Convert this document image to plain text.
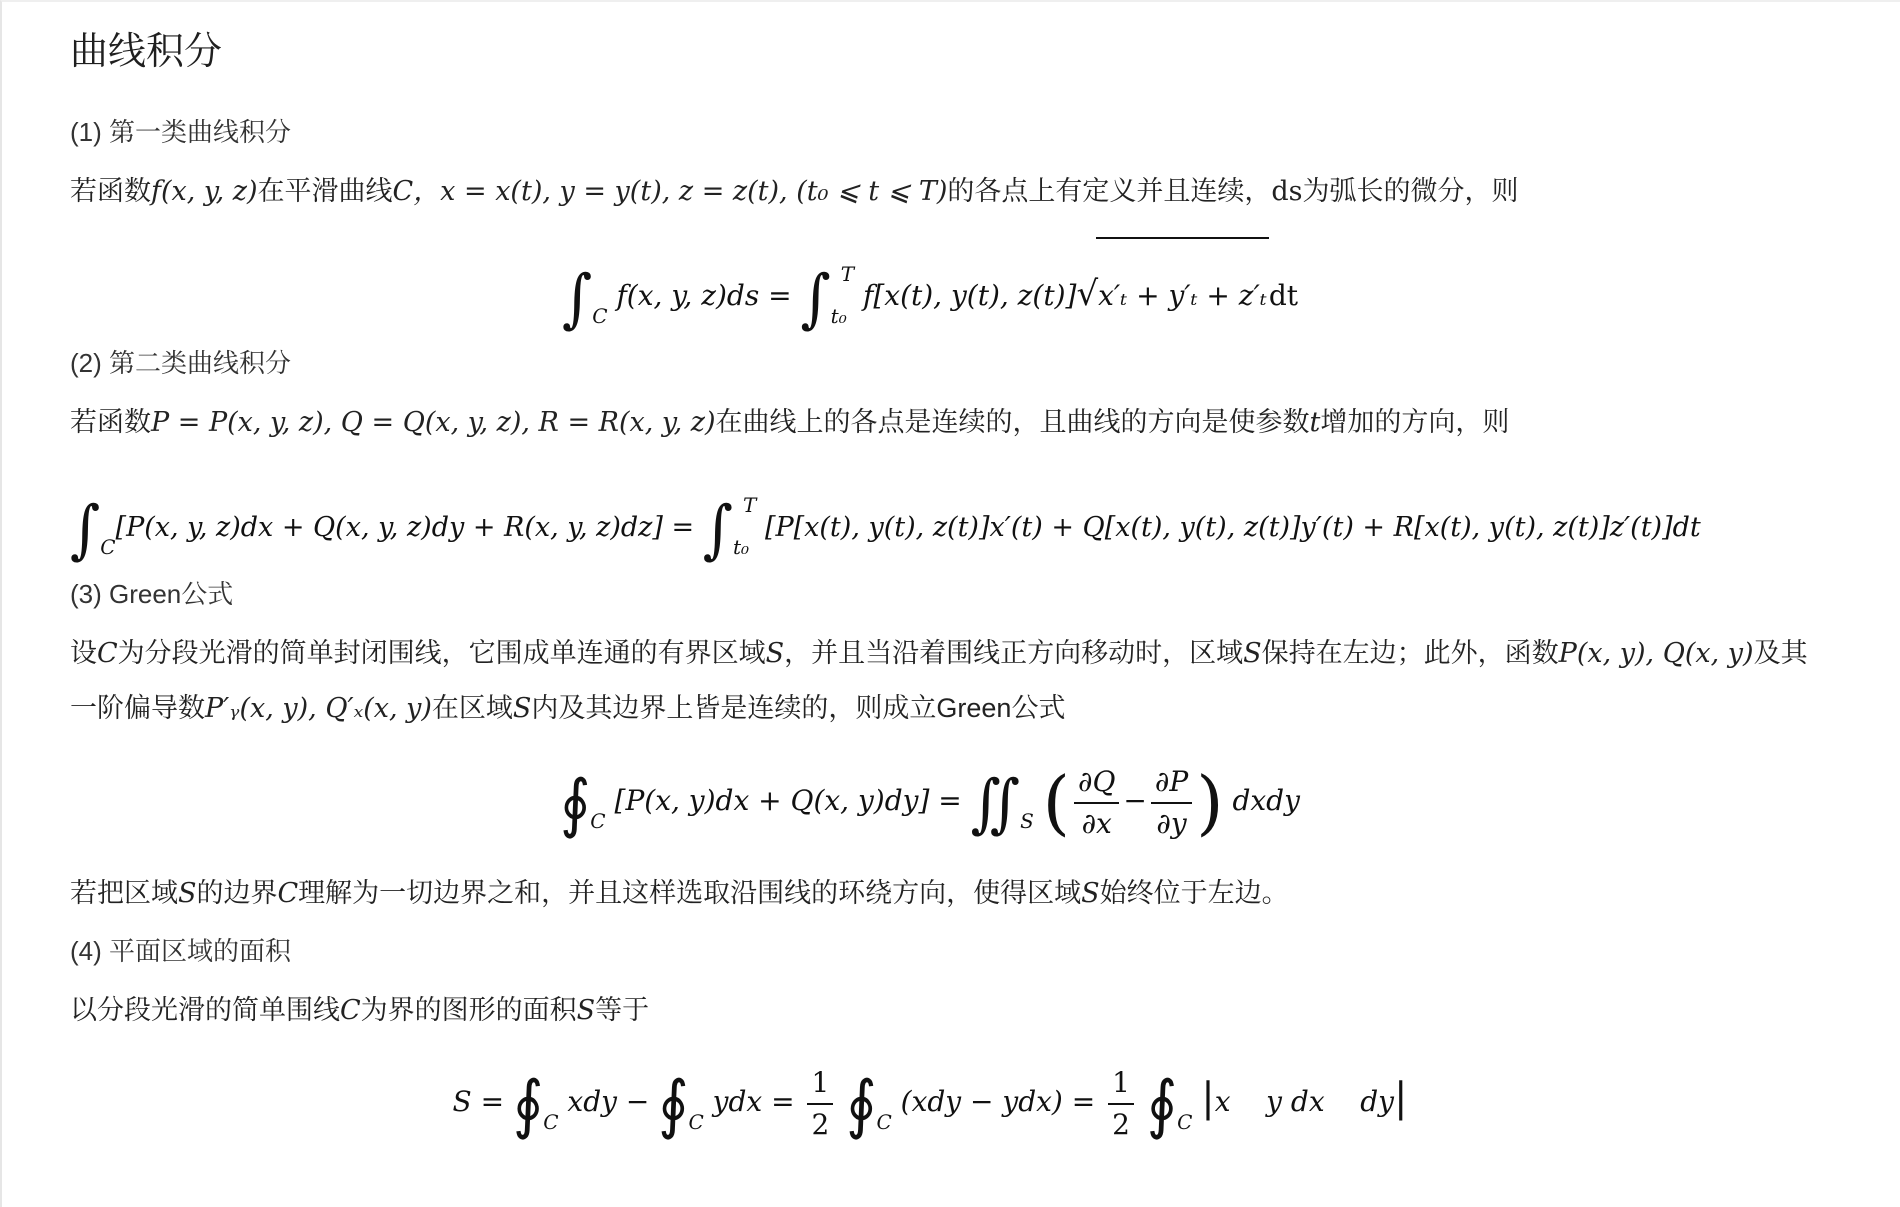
曲线积分

(1) 第一类曲线积分

若函数f(x, y, z)在平滑曲线C，x = x(t), y = y(t), z = z(t), (t₀ ⩽ t ⩽ T)的各点上有定义并且连续，ds为弧长的微分，则

$\int_C$ f(x, y, $z)ds = \int_{t_0}^T$ f[x(t), y(t), z(t)]√x′ₜ + y′ₜ + z′ₜdt

(2) 第二类曲线积分

若函数P = P(x, y, z), Q = Q(x, y, z), R = R(x, y, z)在曲线上的各点是连续的，且曲线的方向是使参数t增加的方向，则

$\int_C[P(x$, y, z)dx + Q(x, y, z)dy + R(x, y, $z)dz] = \int_{t_0}^T$ [P[x(t), y(t), z(t)]x′(t) + Q[x(t), y(t), z(t)]y′(t) + R[x(t), y(t), z(t)]z′(t)]dt

(3) Green公式

设C为分段光滑的简单封闭围线，它围成单连通的有界区域S，并且当沿着围线正方向移动时，区域S保持在左边；此外，函数P(x, y), Q(x, y)及其
一阶偏导数P′ᵧ(x, y), Q′ₓ(x, y)在区域S内及其边界上皆是连续的，则成立Green公式

$∮_C$ [P(x, y)dx + Q(x, $y)dy] = ∬_S$ ( $\frac{\partial Q}{\partial x} - \frac{\partial P}{\partial y}$ ) dxdy

若把区域S的边界C理解为一切边界之和，并且这样选取沿围线的环绕方向，使得区域S始终位于左边。

(4) 平面区域的面积

以分段光滑的简单围线C为界的图形的面积S等于

$S = ∮_C$ xdy − $∮_C$ ydx = $\frac{1}{2}$ $∮_C$ $(xdy - ydx) = \frac{1}{2}$ $∮_C$ |x y dx dy|
